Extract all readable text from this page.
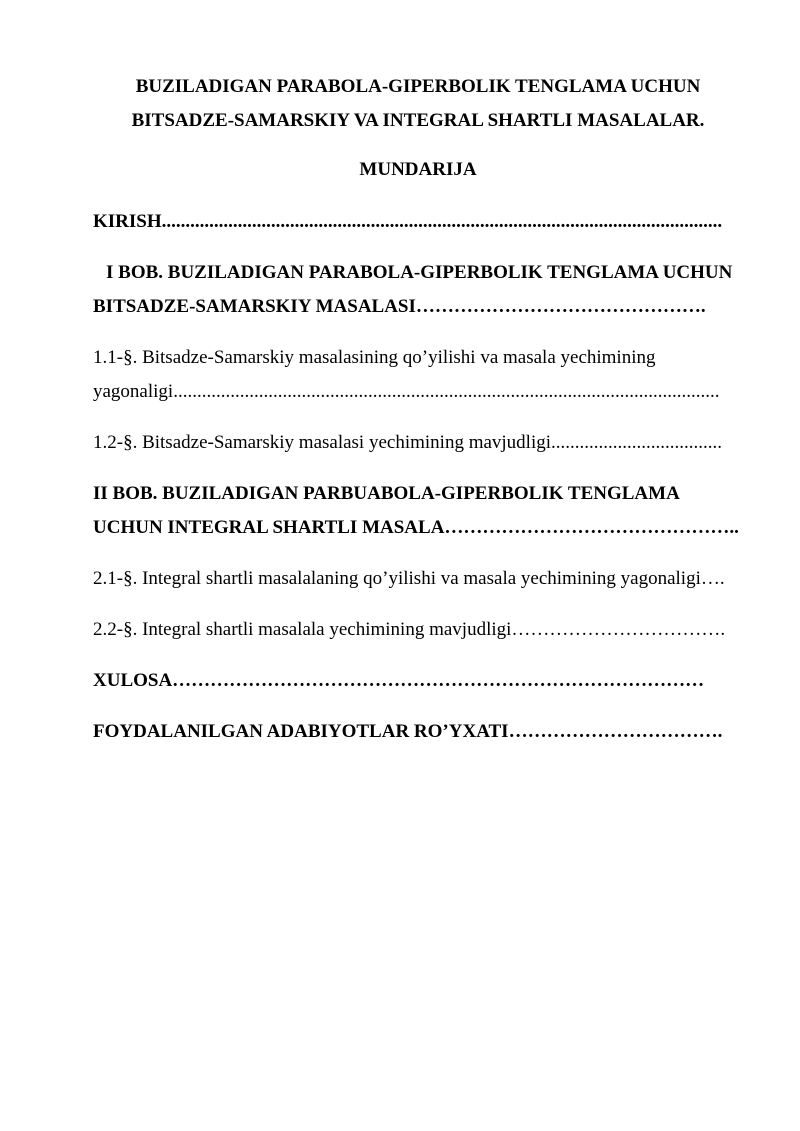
BUZILADIGAN PARABOLA-GIPERBOLIK TENGLAMA UCHUN
BITSADZE-SAMARSKIY VA INTEGRAL SHARTLI MASALALAR.
MUNDARIJA
KIRISH......................................................................................................................
I BOB. BUZILADIGAN PARABOLA-GIPERBOLIK TENGLAMA UCHUN
BITSADZE-SAMARSKIY MASALASI……………………………………….
1.1-§. Bitsadze-Samarskiy masalasining qo’yilishi va masala yechimining
yagonaligi...................................................................................................................
1.2-§. Bitsadze-Samarskiy masalasi yechimining mavjudligi....................................
II BOB. BUZILADIGAN PARBUABOLA-GIPERBOLIK TENGLAMA
UCHUN INTEGRAL SHARTLI MASALA………………………………………..
2.1-§. Integral shartli masalalaning qo’yilishi va masala yechimining yagonaligi….
2.2-§. Integral shartli masalala yechimining mavjudligi…………………………….
XULOSA…………………………………………………………………………
FOYDALANILGAN ADABIYOTLAR RO’YXATI…………………………….
